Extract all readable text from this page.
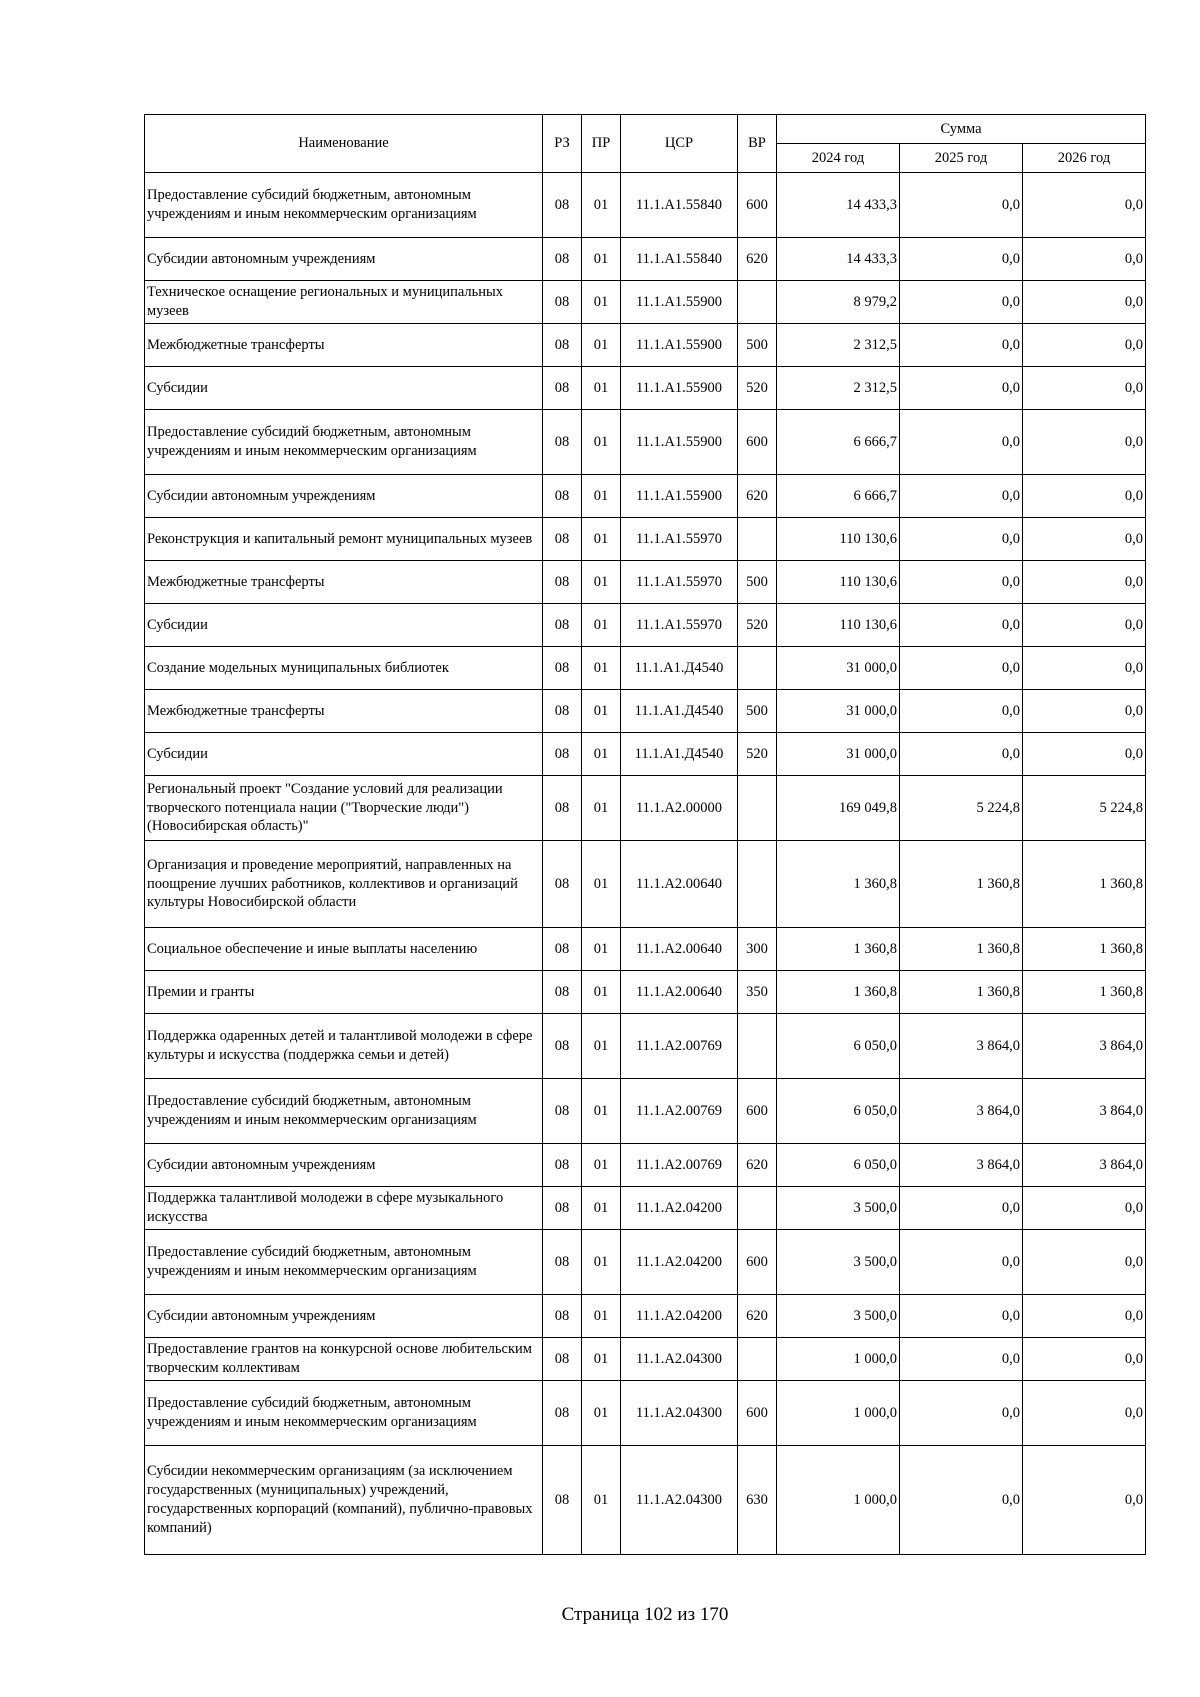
Наименование	РЗ	ПР	ЦСР	ВР	Сумма		
					2024 год	2025 год	2026 год
Предоставление субсидий бюджетным, автономным учреждениям и иным некоммерческим организациям	08	01	11.1.А1.55840	600	14 433,3	0,0	0,0
Субсидии автономным учреждениям	08	01	11.1.А1.55840	620	14 433,3	0,0	0,0
Техническое оснащение региональных и муниципальных музеев	08	01	11.1.А1.55900		8 979,2	0,0	0,0
Межбюджетные трансферты	08	01	11.1.А1.55900	500	2 312,5	0,0	0,0
Субсидии	08	01	11.1.А1.55900	520	2 312,5	0,0	0,0
Предоставление субсидий бюджетным, автономным учреждениям и иным некоммерческим организациям	08	01	11.1.А1.55900	600	6 666,7	0,0	0,0
Субсидии автономным учреждениям	08	01	11.1.А1.55900	620	6 666,7	0,0	0,0
Реконструкция и капитальный ремонт муниципальных музеев	08	01	11.1.А1.55970		110 130,6	0,0	0,0
Межбюджетные трансферты	08	01	11.1.А1.55970	500	110 130,6	0,0	0,0
Субсидии	08	01	11.1.А1.55970	520	110 130,6	0,0	0,0
Создание модельных муниципальных библиотек	08	01	11.1.А1.Д4540		31 000,0	0,0	0,0
Межбюджетные трансферты	08	01	11.1.А1.Д4540	500	31 000,0	0,0	0,0
Субсидии	08	01	11.1.А1.Д4540	520	31 000,0	0,0	0,0
Региональный проект "Создание условий для реализации творческого потенциала нации ("Творческие люди") (Новосибирская область)"	08	01	11.1.А2.00000		169 049,8	5 224,8	5 224,8
Организация и проведение мероприятий, направленных на поощрение лучших работников, коллективов и организаций культуры Новосибирской области	08	01	11.1.А2.00640		1 360,8	1 360,8	1 360,8
Социальное обеспечение и иные выплаты населению	08	01	11.1.А2.00640	300	1 360,8	1 360,8	1 360,8
Премии и гранты	08	01	11.1.А2.00640	350	1 360,8	1 360,8	1 360,8
Поддержка одаренных детей и талантливой молодежи в сфере культуры и искусства (поддержка семьи и детей)	08	01	11.1.А2.00769		6 050,0	3 864,0	3 864,0
Предоставление субсидий бюджетным, автономным учреждениям и иным некоммерческим организациям	08	01	11.1.А2.00769	600	6 050,0	3 864,0	3 864,0
Субсидии автономным учреждениям	08	01	11.1.А2.00769	620	6 050,0	3 864,0	3 864,0
Поддержка талантливой молодежи в сфере музыкального искусства	08	01	11.1.А2.04200		3 500,0	0,0	0,0
Предоставление субсидий бюджетным, автономным учреждениям и иным некоммерческим организациям	08	01	11.1.А2.04200	600	3 500,0	0,0	0,0
Субсидии автономным учреждениям	08	01	11.1.А2.04200	620	3 500,0	0,0	0,0
Предоставление грантов на конкурсной основе любительским творческим коллективам	08	01	11.1.А2.04300		1 000,0	0,0	0,0
Предоставление субсидий бюджетным, автономным учреждениям и иным некоммерческим организациям	08	01	11.1.А2.04300	600	1 000,0	0,0	0,0
Субсидии некоммерческим организациям (за исключением государственных (муниципальных) учреждений, государственных корпораций (компаний), публично-правовых компаний)	08	01	11.1.А2.04300	630	1 000,0	0,0	0,0
Страница 102 из 170
